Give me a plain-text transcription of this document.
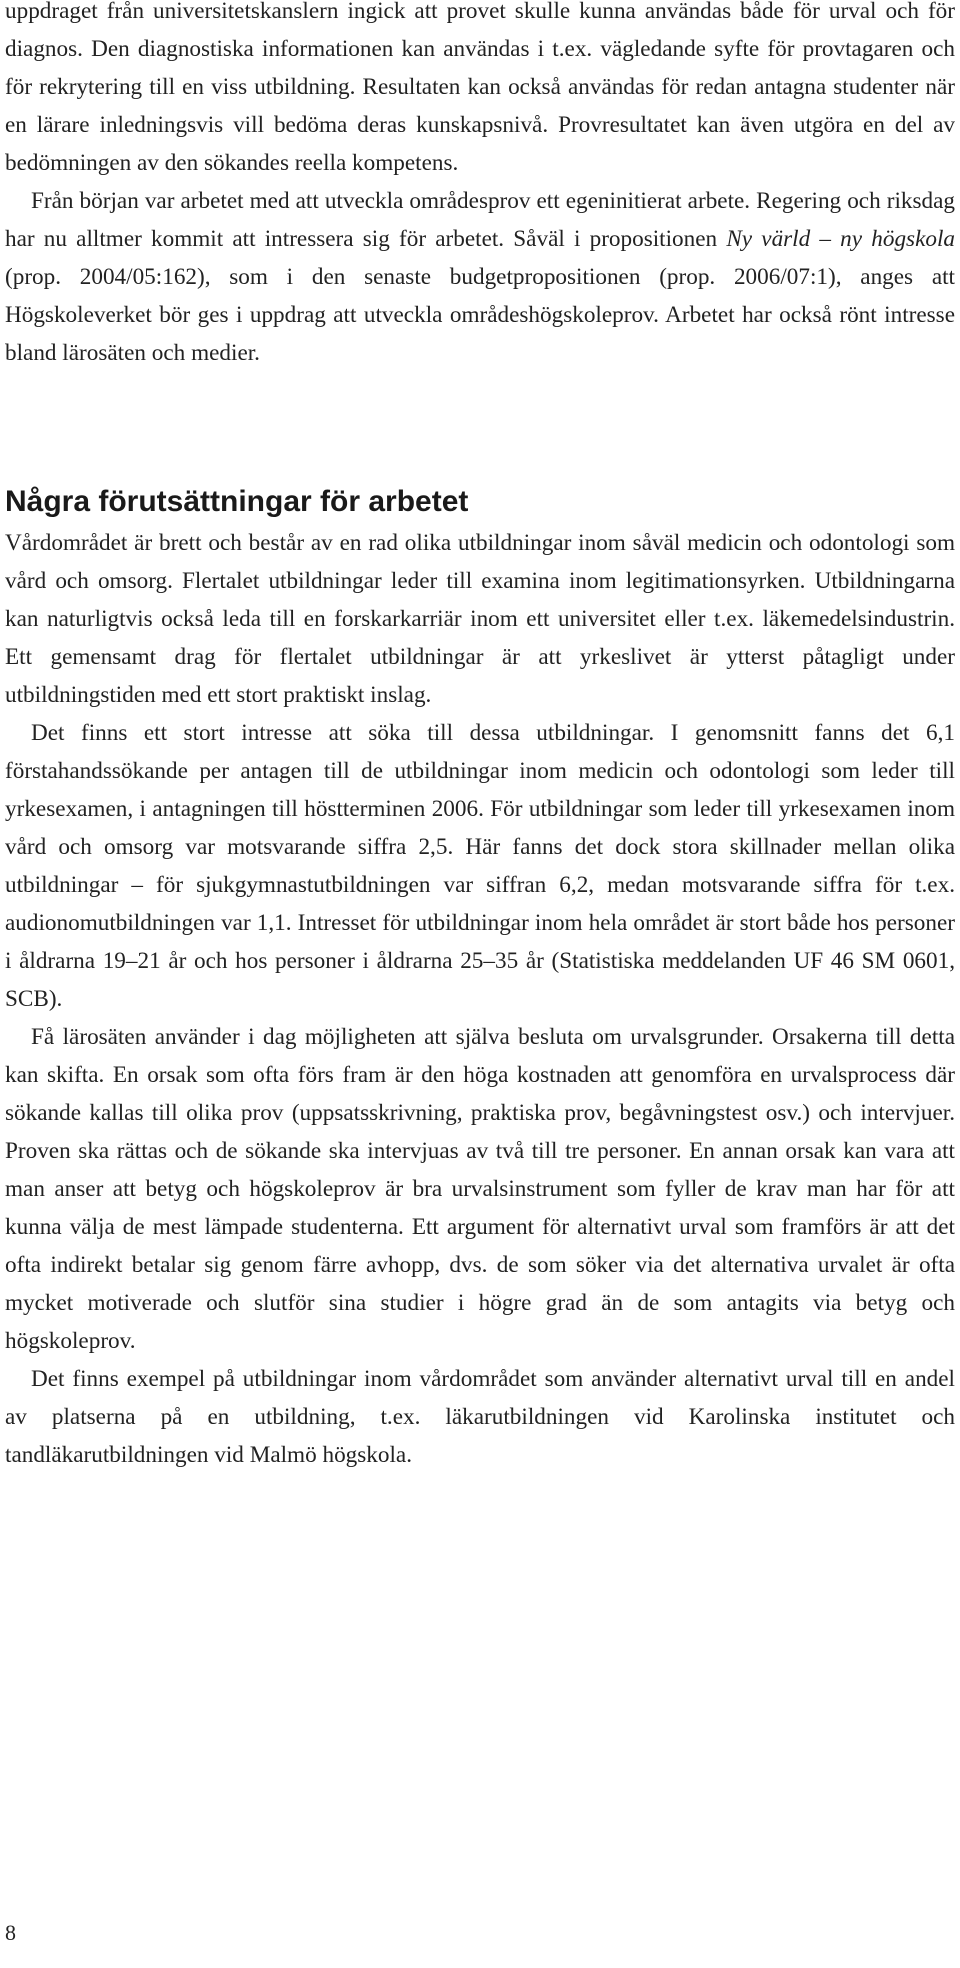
uppdraget från universitetskanslern ingick att provet skulle kunna användas både för urval och för diagnos. Den diagnostiska informationen kan användas i t.ex. vägledande syfte för provtagaren och för rekrytering till en viss utbildning. Resultaten kan också användas för redan antagna studenter när en lärare inledningsvis vill bedöma deras kunskapsnivå. Provresultatet kan även utgöra en del av bedömningen av den sökandes reella kompetens.

Från början var arbetet med att utveckla områdesprov ett egeninitierat arbete. Regering och riksdag har nu alltmer kommit att intressera sig för arbetet. Såväl i propositionen Ny värld – ny högskola (prop. 2004/05:162), som i den senaste budgetpropositionen (prop. 2006/07:1), anges att Högskoleverket bör ges i uppdrag att utveckla områdeshögskoleprov. Arbetet har också rönt intresse bland lärosäten och medier.

Några förutsättningar för arbetet

Vårdområdet är brett och består av en rad olika utbildningar inom såväl medicin och odontologi som vård och omsorg. Flertalet utbildningar leder till examina inom legitimationsyrken. Utbildningarna kan naturligtvis också leda till en forskarkarriär inom ett universitet eller t.ex. läkemedelsindustrin. Ett gemensamt drag för flertalet utbildningar är att yrkeslivet är ytterst påtagligt under utbildningstiden med ett stort praktiskt inslag.

Det finns ett stort intresse att söka till dessa utbildningar. I genomsnitt fanns det 6,1 förstahandssökande per antagen till de utbildningar inom medicin och odontologi som leder till yrkesexamen, i antagningen till höstterminen 2006. För utbildningar som leder till yrkesexamen inom vård och omsorg var motsvarande siffra 2,5. Här fanns det dock stora skillnader mellan olika utbildningar – för sjukgymnastutbildningen var siffran 6,2, medan motsvarande siffra för t.ex. audionomutbildningen var 1,1. Intresset för utbildningar inom hela området är stort både hos personer i åldrarna 19–21 år och hos personer i åldrarna 25–35 år (Statistiska meddelanden UF 46 SM 0601, SCB).

Få lärosäten använder i dag möjligheten att själva besluta om urvalsgrunder. Orsakerna till detta kan skifta. En orsak som ofta förs fram är den höga kostnaden att genomföra en urvalsprocess där sökande kallas till olika prov (uppsatsskrivning, praktiska prov, begåvningstest osv.) och intervjuer. Proven ska rättas och de sökande ska intervjuas av två till tre personer. En annan orsak kan vara att man anser att betyg och högskoleprov är bra urvalsinstrument som fyller de krav man har för att kunna välja de mest lämpade studenterna. Ett argument för alternativt urval som framförs är att det ofta indirekt betalar sig genom färre avhopp, dvs. de som söker via det alternativa urvalet är ofta mycket motiverade och slutför sina studier i högre grad än de som antagits via betyg och högskoleprov.

Det finns exempel på utbildningar inom vårdområdet som använder alternativt urval till en andel av platserna på en utbildning, t.ex. läkarutbildningen vid Karolinska institutet och tandläkarutbildningen vid Malmö högskola.

8
